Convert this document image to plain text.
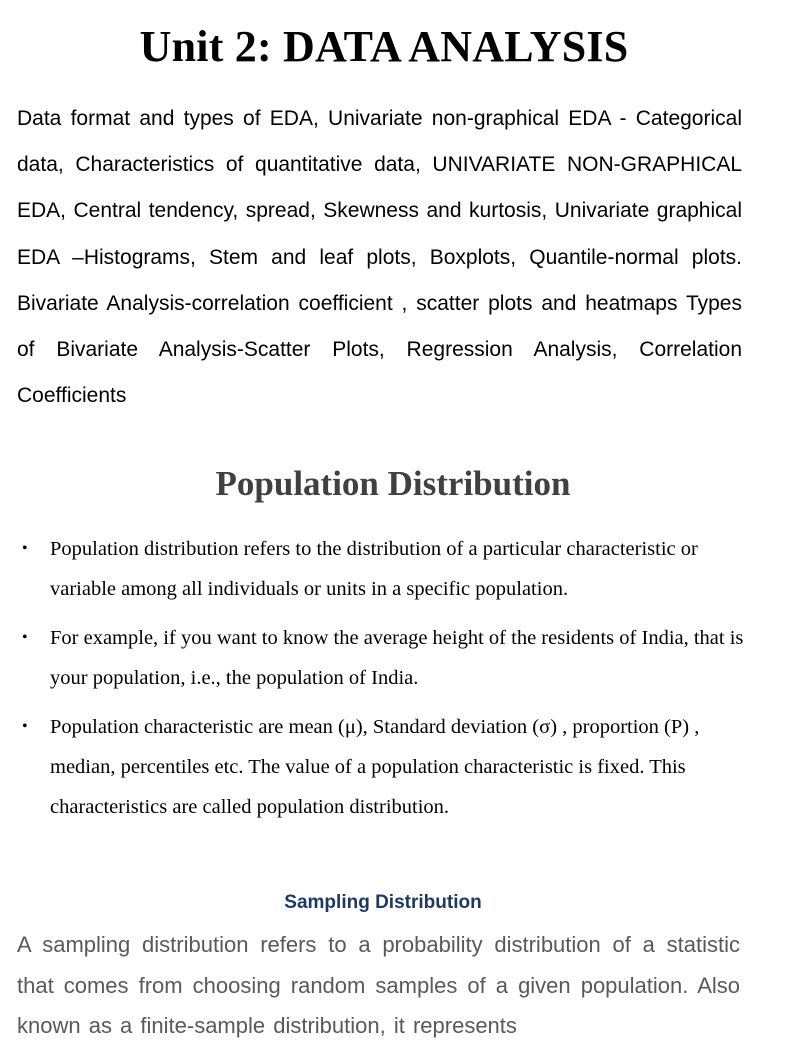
Unit 2: DATA ANALYSIS

Data format and types of EDA, Univariate non-graphical EDA - Categorical data, Characteristics of quantitative data, UNIVARIATE NON-GRAPHICAL EDA, Central tendency, spread, Skewness and kurtosis, Univariate graphical EDA –Histograms, Stem and leaf plots, Boxplots, Quantile-normal plots. Bivariate Analysis-correlation coefficient , scatter plots and heatmaps Types of Bivariate Analysis-Scatter Plots, Regression Analysis, Correlation Coefficients

Population Distribution
• Population distribution refers to the distribution of a particular characteristic or variable among all individuals or units in a specific population.
• For example, if you want to know the average height of the residents of India, that is your population, i.e., the population of India.
• Population characteristic are mean (μ), Standard deviation (σ) , proportion (P) , median, percentiles etc. The value of a population characteristic is fixed. This characteristics are called population distribution.
Sampling Distribution

A sampling distribution refers to a probability distribution of a statistic that comes from choosing random samples of a given population. Also known as a finite-sample distribution, it represents
